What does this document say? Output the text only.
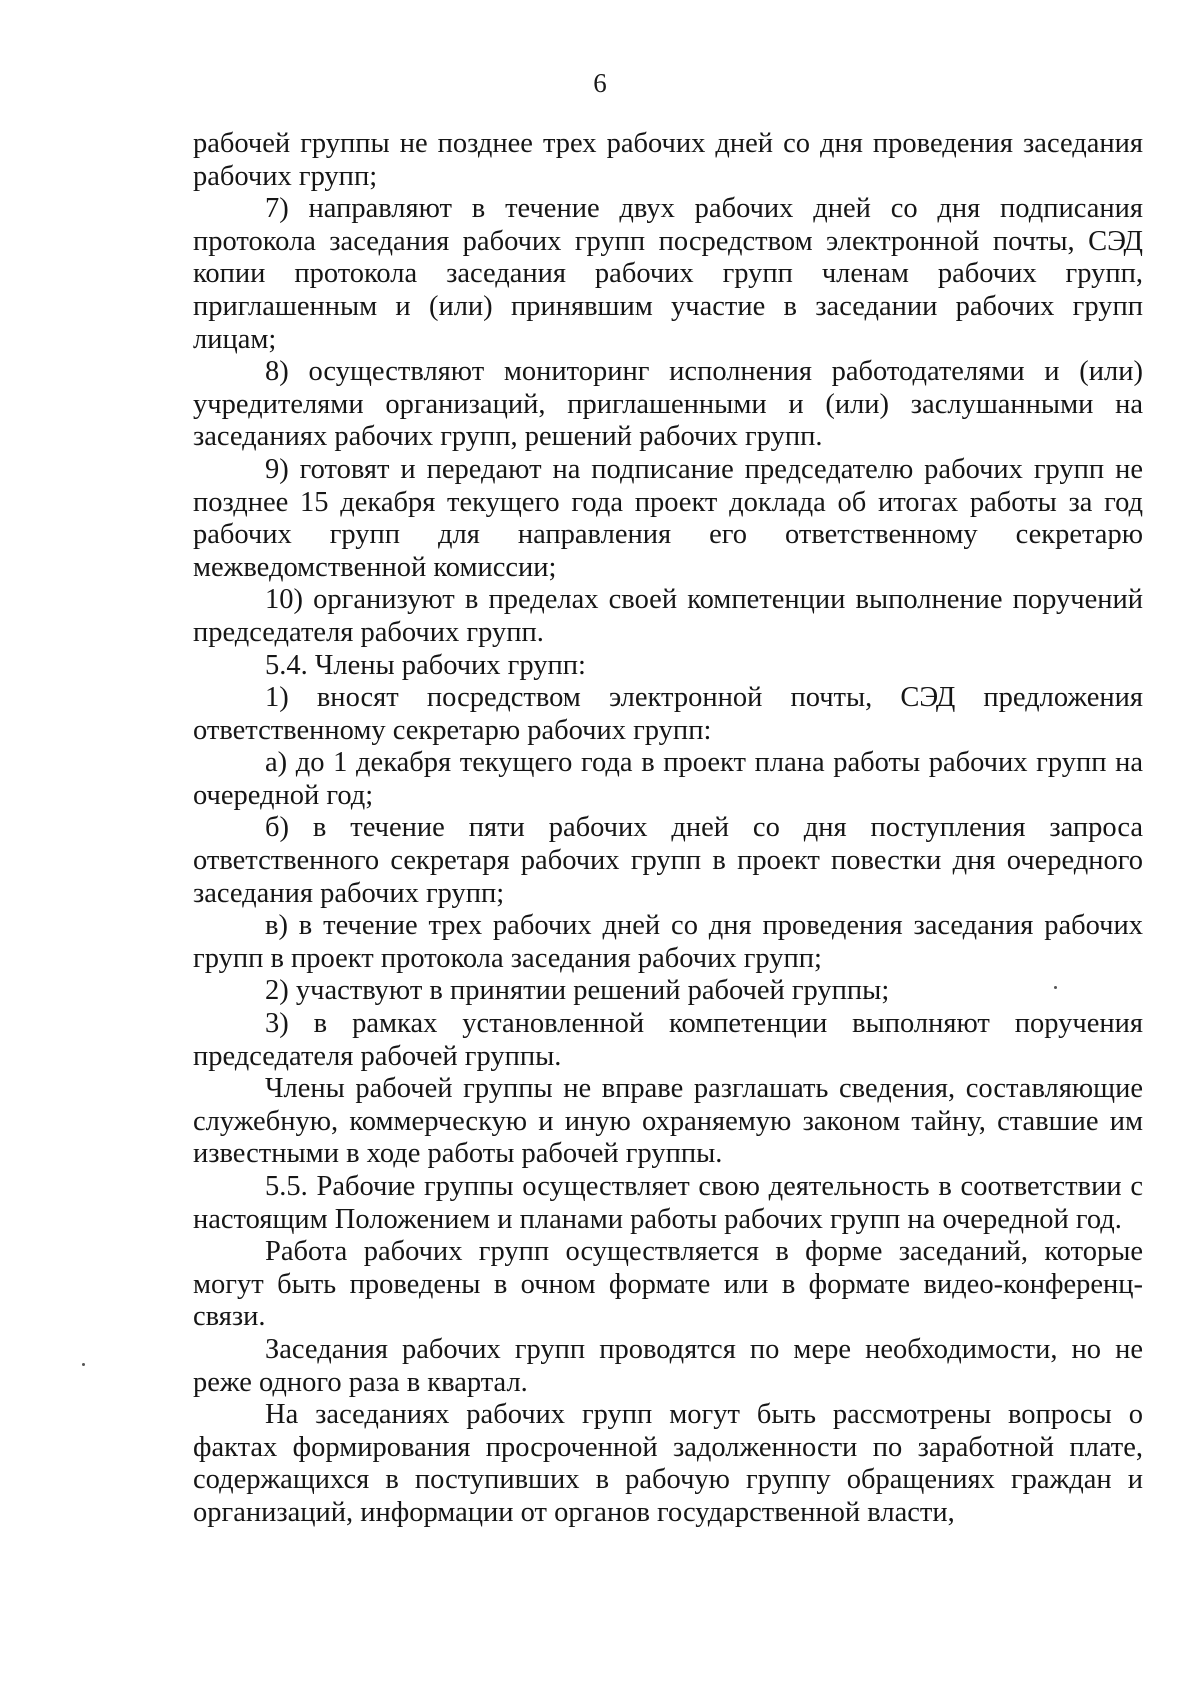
6

рабочей группы не позднее трех рабочих дней со дня проведения заседания рабочих групп;

7) направляют в течение двух рабочих дней со дня подписания протокола заседания рабочих групп посредством электронной почты, СЭД копии протокола заседания рабочих групп членам рабочих групп, приглашенным и (или) принявшим участие в заседании рабочих групп лицам;

8) осуществляют мониторинг исполнения работодателями и (или) учредителями организаций, приглашенными и (или) заслушанными на заседаниях рабочих групп, решений рабочих групп.

9) готовят и передают на подписание председателю рабочих групп не позднее 15 декабря текущего года проект доклада об итогах работы за год рабочих групп для направления его ответственному секретарю межведомственной комиссии;

10) организуют в пределах своей компетенции выполнение поручений председателя рабочих групп.

5.4. Члены рабочих групп:

1) вносят посредством электронной почты, СЭД предложения ответственному секретарю рабочих групп:

а) до 1 декабря текущего года в проект плана работы рабочих групп на очередной год;

б) в течение пяти рабочих дней со дня поступления запроса ответственного секретаря рабочих групп в проект повестки дня очередного заседания рабочих групп;

в) в течение трех рабочих дней со дня проведения заседания рабочих групп в проект протокола заседания рабочих групп;

2) участвуют в принятии решений рабочей группы;

3) в рамках установленной компетенции выполняют поручения председателя рабочей группы.

Члены рабочей группы не вправе разглашать сведения, составляющие служебную, коммерческую и иную охраняемую законом тайну, ставшие им известными в ходе работы рабочей группы.

5.5. Рабочие группы осуществляет свою деятельность в соответствии с настоящим Положением и планами работы рабочих групп на очередной год.

Работа рабочих групп осуществляется в форме заседаний, которые могут быть проведены в очном формате или в формате видео-конференц-связи.

Заседания рабочих групп проводятся по мере необходимости, но не реже одного раза в квартал.

На заседаниях рабочих групп могут быть рассмотрены вопросы о фактах формирования просроченной задолженности по заработной плате, содержащихся в поступивших в рабочую группу обращениях граждан и организаций, информации от органов государственной власти,
